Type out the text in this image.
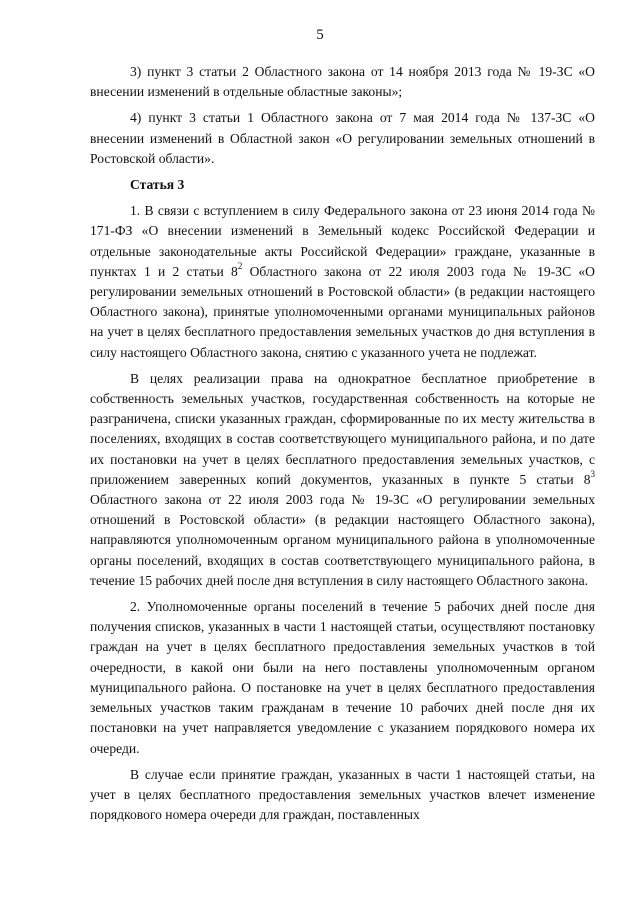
5

3) пункт 3 статьи 2 Областного закона от 14 ноября 2013 года № 19-ЗС «О внесении изменений в отдельные областные законы»;

4) пункт 3 статьи 1 Областного закона от 7 мая 2014 года № 137-ЗС «О внесении изменений в Областной закон «О регулировании земельных отношений в Ростовской области».

Статья 3

1. В связи с вступлением в силу Федерального закона от 23 июня 2014 года № 171-ФЗ «О внесении изменений в Земельный кодекс Российской Федерации и отдельные законодательные акты Российской Федерации» граждане, указанные в пунктах 1 и 2 статьи $8^2$ Областного закона от 22 июля 2003 года № 19-ЗС «О регулировании земельных отношений в Ростовской области» (в редакции настоящего Областного закона), принятые уполномоченными органами муниципальных районов на учет в целях бесплатного предоставления земельных участков до дня вступления в силу настоящего Областного закона, снятию с указанного учета не подлежат.

В целях реализации права на однократное бесплатное приобретение в собственность земельных участков, государственная собственность на которые не разграничена, списки указанных граждан, сформированные по их месту жительства в поселениях, входящих в состав соответствующего муниципального района, и по дате их постановки на учет в целях бесплатного предоставления земельных участков, с приложением заверенных копий документов, указанных в пункте 5 статьи $8^3$ Областного закона от 22 июля 2003 года № 19-ЗС «О регулировании земельных отношений в Ростовской области» (в редакции настоящего Областного закона), направляются уполномоченным органом муниципального района в уполномоченные органы поселений, входящих в состав соответствующего муниципального района, в течение 15 рабочих дней после дня вступления в силу настоящего Областного закона.

2. Уполномоченные органы поселений в течение 5 рабочих дней после дня получения списков, указанных в части 1 настоящей статьи, осуществляют постановку граждан на учет в целях бесплатного предоставления земельных участков в той очередности, в какой они были на него поставлены уполномоченным органом муниципального района. О постановке на учет в целях бесплатного предоставления земельных участков таким гражданам в течение 10 рабочих дней после дня их постановки на учет направляется уведомление с указанием порядкового номера их очереди.

В случае если принятие граждан, указанных в части 1 настоящей статьи, на учет в целях бесплатного предоставления земельных участков влечет изменение порядкового номера очереди для граждан, поставленных
